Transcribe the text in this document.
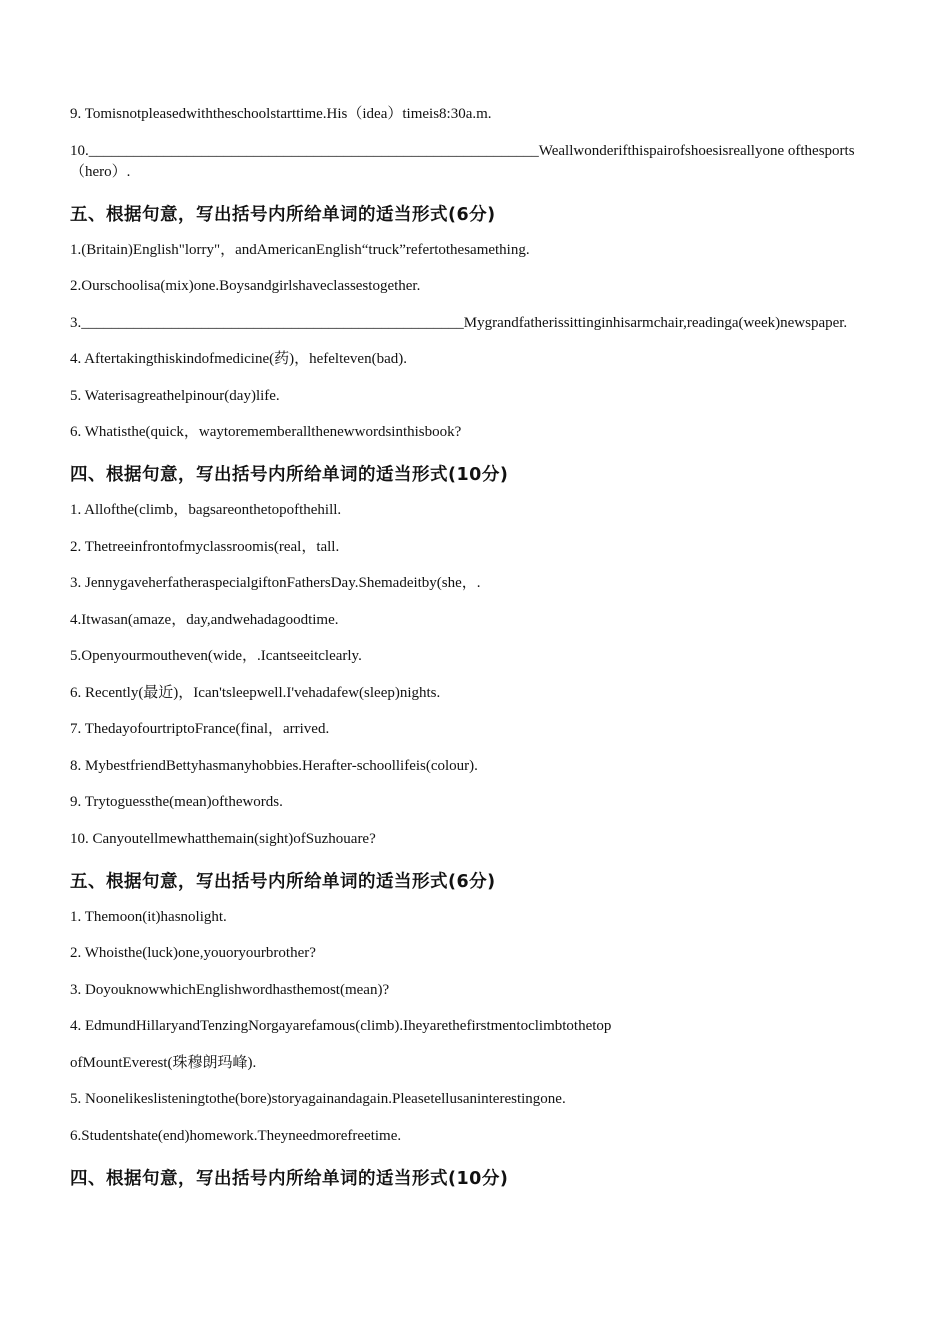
9. Tomisnotpleasedwiththeschoolstarttime.His（idea）timeis8:30a.m.

10.____________________________________________________________Weallwonderifthispairofshoesisreallyone ofthesports（hero）.

五、根据句意，写出括号内所给单词的适当形式(6分)

1.(Britain)English"lorry"，andAmericanEnglish“truck”refertothesamething.

2.Ourschoolisa(mix)one.Boysandgirlshaveclassestogether.

3.___________________________________________________Mygrandfatherissittinginhisarmchair,readinga(week)newspaper.

4. Aftertakingthiskindofmedicine(药)，hefelteven(bad).

5. Waterisagreathelpinour(day)life.

6. Whatisthe(quick，waytorememberallthenewwordsinthisbook?

四、根据句意，写出括号内所给单词的适当形式(10分)

1. Allofthe(climb，bagsareonthetopofthehill.

2. Thetreeinfrontofmyclassroomis(real，tall.

3. JennygaveherfatheraspecialgiftonFathersDay.Shemadeitby(she，.

4.Itwasan(amaze，day,andwehadagoodtime.

5.Openyourmoutheven(wide，.Icantseeitclearly.

6. Recently(最近)，Ican'tsleepwell.I'vehadafew(sleep)nights.

7. ThedayofourtriptoFrance(final，arrived.

8. MybestfriendBettyhasmanyhobbies.Herafter-schoollifeis(colour).

9. Trytoguessthe(mean)ofthewords.

10. Canyoutellmewhatthemain(sight)ofSuzhouare?

五、根据句意，写出括号内所给单词的适当形式(6分)

1. Themoon(it)hasnolight.

2. Whoisthe(luck)one,youoryourbrother?

3. DoyouknowwhichEnglishwordhasthemost(mean)?

4. EdmundHillaryandTenzingNorgayarefamous(climb).Iheyarethefirstmentoclimbtothetop

ofMountEverest(珠穆朗玛峰).

5. Noonelikeslisteningtothe(bore)storyagainandagain.Pleasetellusaninterestingone.

6.Studentshate(end)homework.Theyneedmorefreetime.

四、根据句意，写出括号内所给单词的适当形式(10分)
